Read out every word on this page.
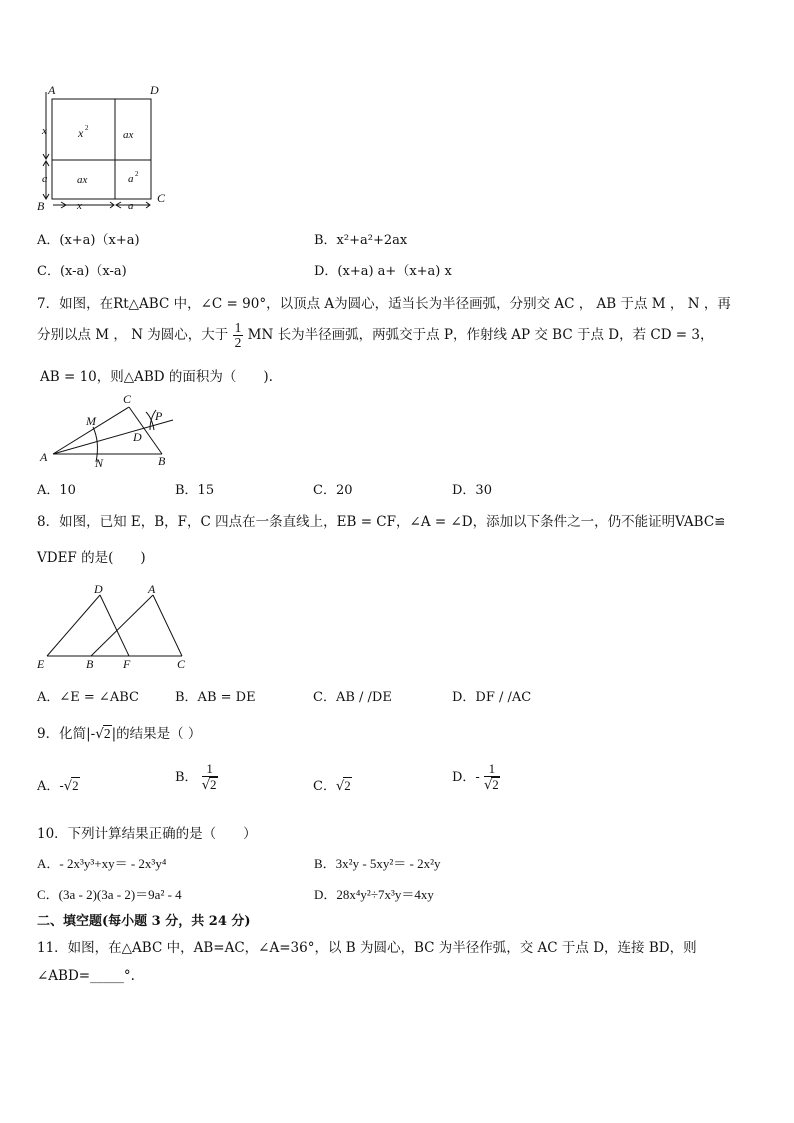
A	D
B
C
x 2
ax
ax	a 2
x
a
x	a
A．(x+a)（x+a)	B．x²+a²+2ax
C．(x-a)（x-a)	D．(x+a) a+（x+a) x
7．如图，在Rt△ABC 中，∠C = 90°，以顶点 A为圆心，适当长为半径画弧，分别交 AC ， AB 于点 M ， N ，再
分别以点 M ， N 为圆心，大于 $\frac{1}{2}$ MN 长为半径画弧，两弧交于点 P，作射线 AP 交 BC 于点 D，若 CD = 3，
AB = 10，则△ABD 的面积为（　　).
C
M	P
D
A	N	B
A．10	B．15	C．20	D．30
8．如图，已知 E，B，F，C 四点在一条直线上，EB = CF，∠A = ∠D，添加以下条件之一，仍不能证明VABC≌
VDEF 的是(　　)
D	A
E	B F	C
A．∠E = ∠ABC	B．AB = DE	C．AB / /DE	D．DF / /AC
9．化简|-√2|的结果是（ ）
A．-√2
B． $\frac{1}{√2}$	C．√2
D．- $\frac{1}{√2}$
10．下列计算结果正确的是（　　）
A．- 2x³y³+xy＝ - 2x³y⁴	B．3x²y - 5xy²＝ - 2x²y
C．(3a - 2)(3a - 2)＝9a² - 4	D．28x⁴y²÷7x³y＝4xy
二、填空题(每小题 3 分，共 24 分)
11．如图，在△ABC 中，AB=AC，∠A=36°，以 B 为圆心，BC 为半径作弧，交 AC 于点 D，连接 BD，则
∠ABD=_____°.
